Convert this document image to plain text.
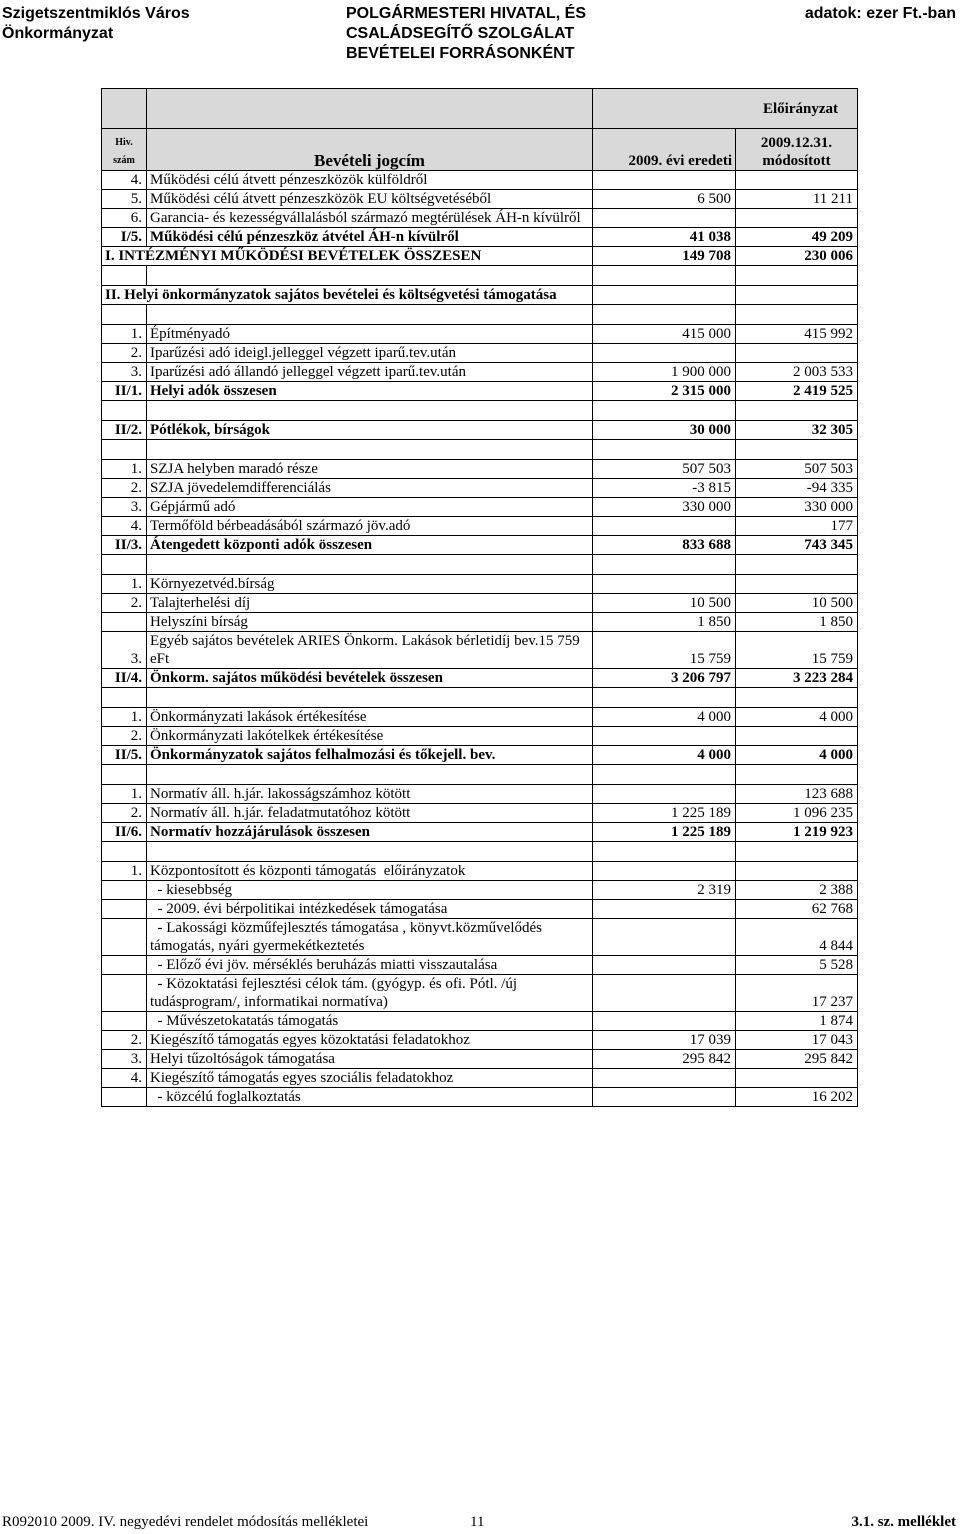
Szigetszentmiklós Város
Önkormányzat
POLGÁRMESTERI HIVATAL, ÉS
CSALÁDSEGÍTŐ SZOLGÁLAT
BEVÉTELEI FORRÁSONKÉNT
adatok: ezer Ft.-ban
		Előirányzat	
Hiv. szám	Bevételi jogcím	2009. évi eredeti	2009.12.31. módosított
4.	Működési célú átvett pénzeszközök külföldről		
5.	Működési célú átvett pénzeszközök EU költségvetéséből	6 500	11 211
6.	Garancia- és kezességvállalásból származó megtérülések ÁH-n kívülről		
I/5.	Működési célú pénzeszköz átvétel ÁH-n kívülről	41 038	49 209
I. INTÉZMÉNYI MŰKÖDÉSI BEVÉTELEK ÖSSZESEN		149 708	230 006

II. Helyi önkormányzatok sajátos bevételei és költségvetési támogatása			

1.	Építményadó	415 000	415 992
2.	Iparűzési adó ideigl.jelleggel végzett iparű.tev.után		
3.	Iparűzési adó állandó jelleggel végzett iparű.tev.után	1 900 000	2 003 533
II/1.	Helyi adók összesen	2 315 000	2 419 525

II/2.	Pótlékok, bírságok	30 000	32 305

1.	SZJA helyben maradó része	507 503	507 503
2.	SZJA jövedelemdifferenciálás	-3 815	-94 335
3.	Gépjármű adó	330 000	330 000
4.	Termőföld bérbeadásából származó jöv.adó		177
II/3.	Átengedett központi adók összesen	833 688	743 345

1.	Környezetvéd.bírság		
2.	Talajterhelési díj	10 500	10 500
	Helyszíni bírság	1 850	1 850
3.	Egyéb sajátos bevételek ARIES Önkorm. Lakások bérletidíj bev.15 759 eFt	15 759	15 759
II/4.	Önkorm. sajátos működési bevételek összesen	3 206 797	3 223 284

1.	Önkormányzati lakások értékesítése	4 000	4 000
2.	Önkormányzati lakótelkek értékesítése		
II/5.	Önkormányzatok sajátos felhalmozási és tőkejell. bev.	4 000	4 000

1.	Normatív áll. h.jár. lakosságszámhoz kötött		123 688
2.	Normatív áll. h.jár. feladatmutatóhoz kötött	1 225 189	1 096 235
II/6.	Normatív hozzájárulások összesen	1 225 189	1 219 923

1.	Központosított és központi támogatás  előirányzatok		
	- kiesebbség	2 319	2 388
	- 2009. évi bérpolitikai intézkedések támogatása		62 768
	- Lakossági közműfejlesztés támogatása , könyvt.közművelődés támogatás, nyári gyermekétkeztetés		4 844
	- Előző évi jöv. mérséklés beruházás miatti visszautalása		5 528
	- Közoktatási fejlesztési célok tám. (gyógyp. és ofi. Pótl. /új tudásprogram/, informatikai normatíva)		17 237
	- Művészetokatatás támogatás		1 874
2.	Kiegészítő támogatás egyes közoktatási feladatokhoz	17 039	17 043
3.	Helyi tűzoltóságok támogatása	295 842	295 842
4.	Kiegészítő támogatás egyes szociális feladatokhoz		
	- közcélú foglalkoztatás		16 202
R092010 2009. IV. negyedévi rendelet módosítás mellékletei	11	3.1. sz. melléklet
